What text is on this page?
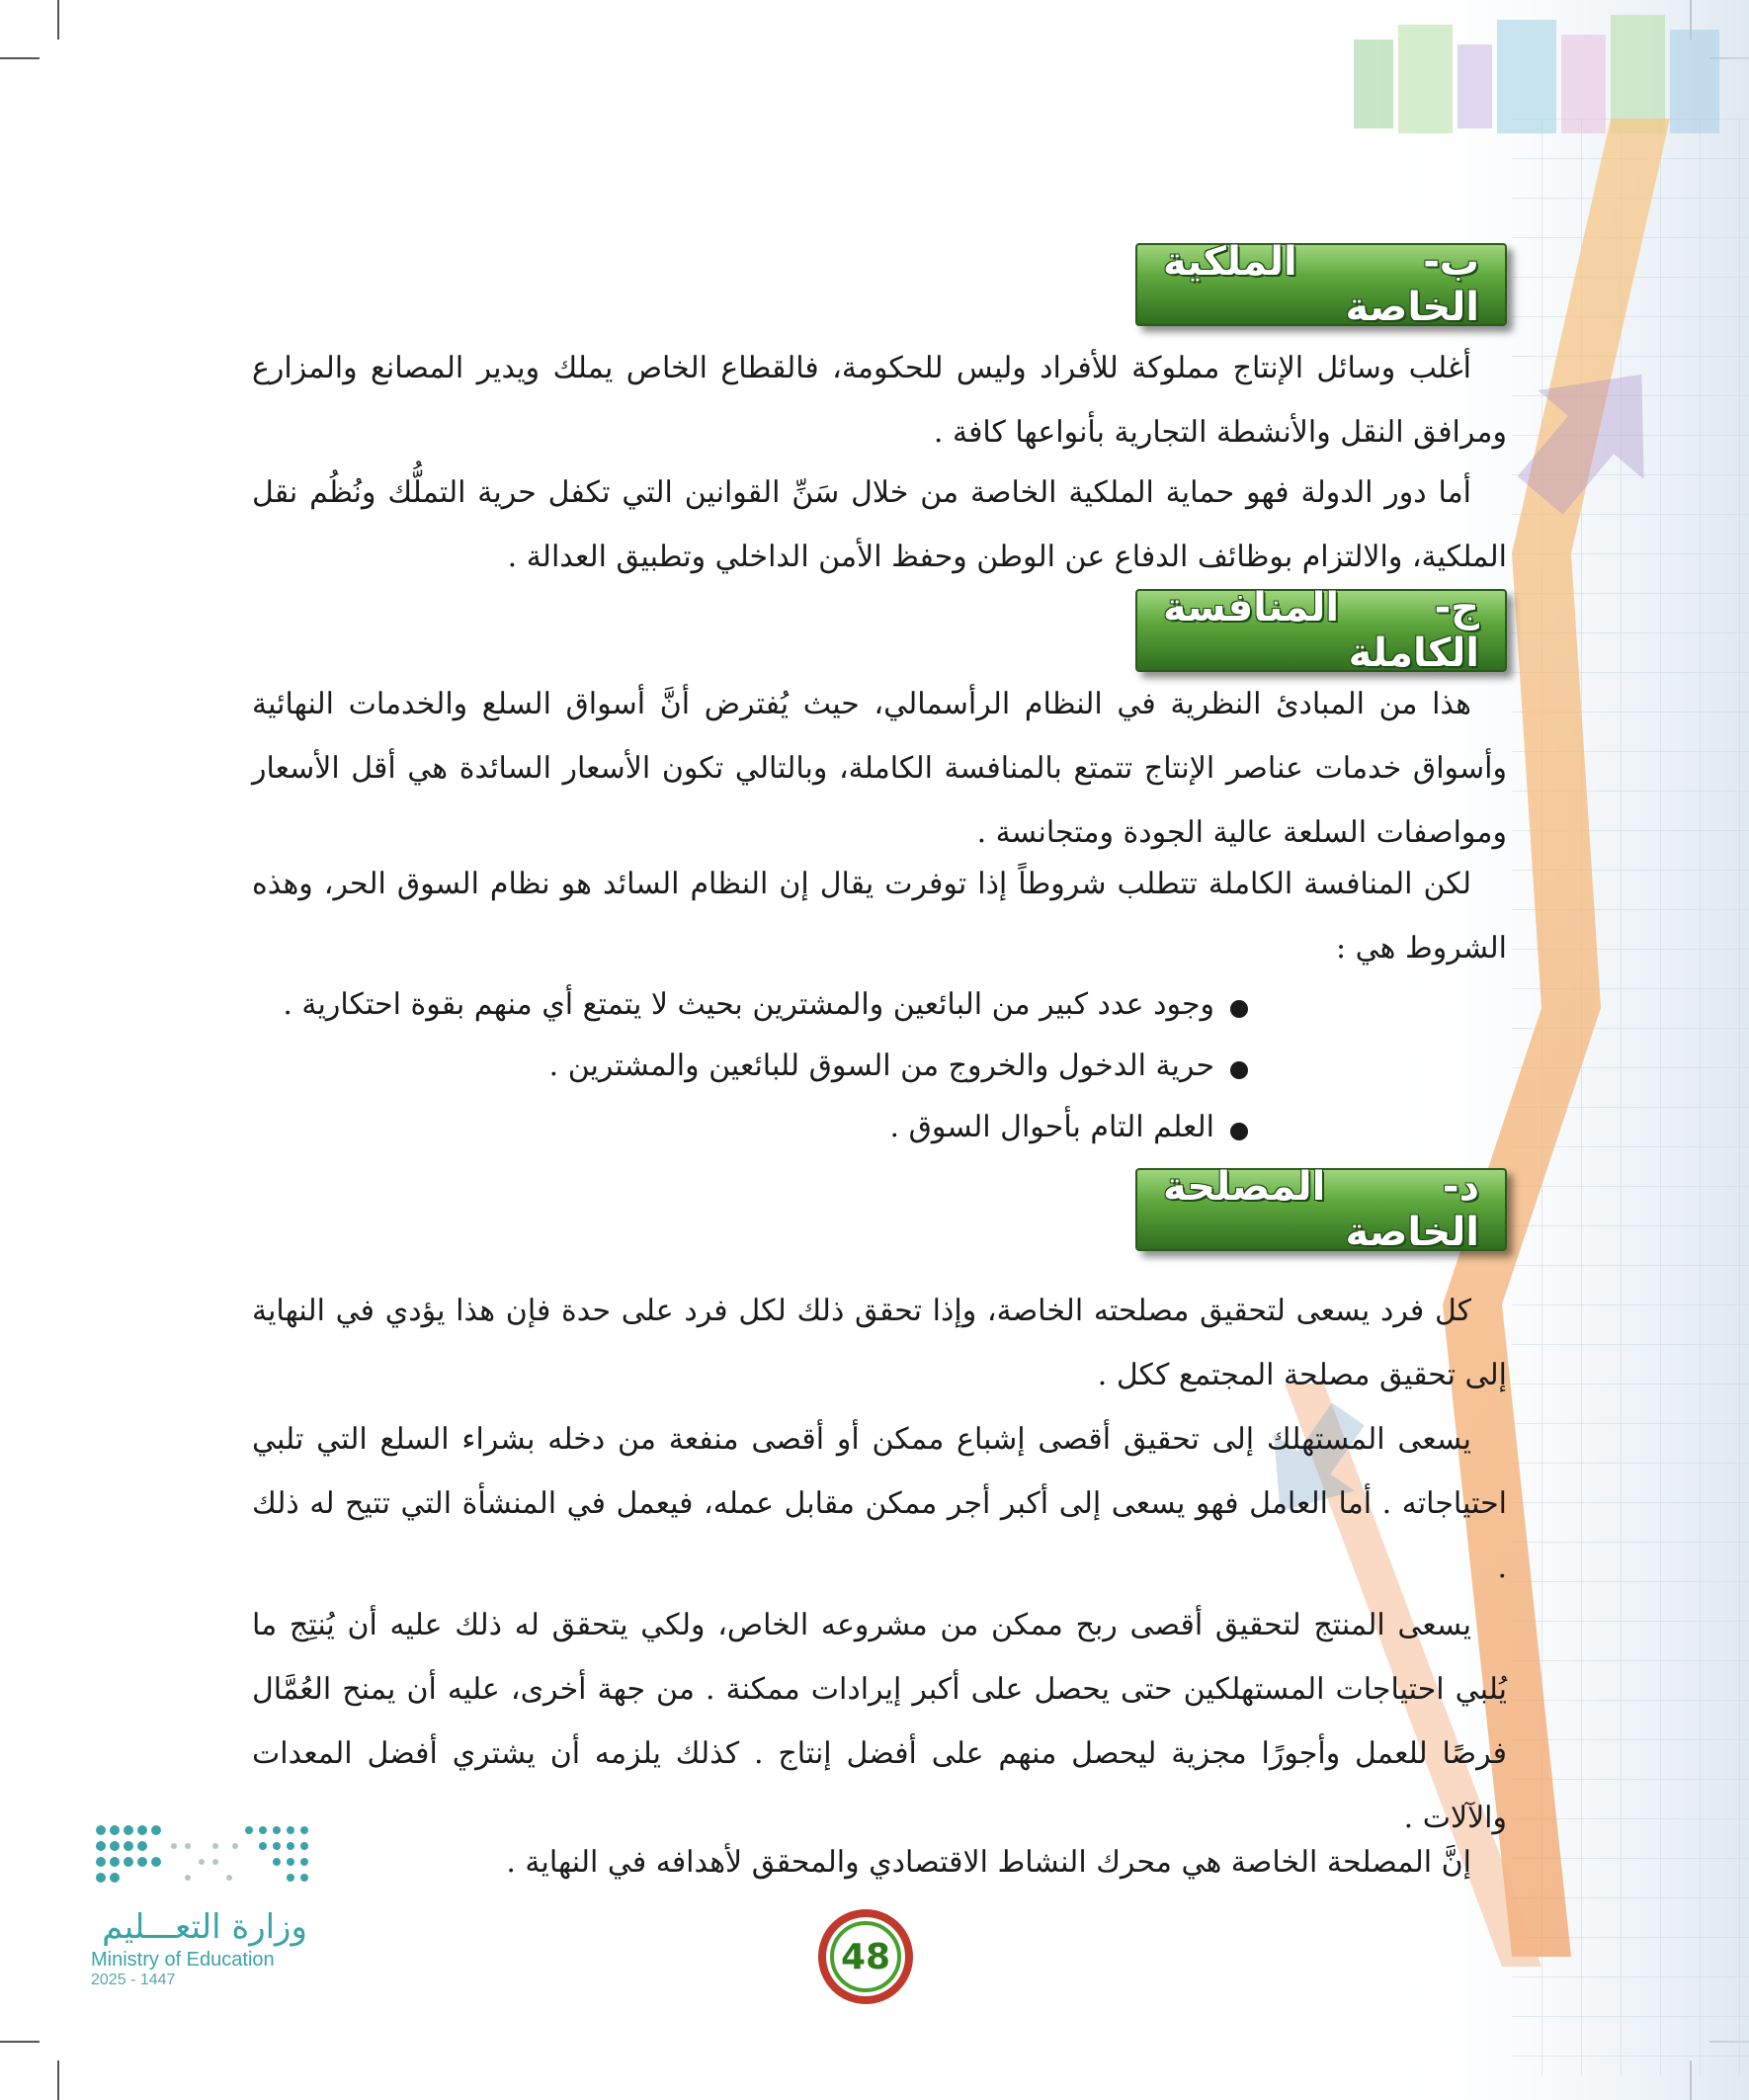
ب- الملكية الخاصة

أغلب وسائل الإنتاج مملوكة للأفراد وليس للحكومة، فالقطاع الخاص يملك ويدير المصانع والمزارع ومرافق النقل والأنشطة التجارية بأنواعها كافة .

أما دور الدولة فهو حماية الملكية الخاصة من خلال سَنِّ القوانين التي تكفل حرية التملُّك ونُظُم نقل الملكية، والالتزام بوظائف الدفاع عن الوطن وحفظ الأمن الداخلي وتطبيق العدالة .

ج- المنافسة الكاملة

هذا من المبادئ النظرية في النظام الرأسمالي، حيث يُفترض أنَّ أسواق السلع والخدمات النهائية وأسواق خدمات عناصر الإنتاج تتمتع بالمنافسة الكاملة، وبالتالي تكون الأسعار السائدة هي أقل الأسعار ومواصفات السلعة عالية الجودة ومتجانسة .

لكن المنافسة الكاملة تتطلب شروطاً إذا توفرت يقال إن النظام السائد هو نظام السوق الحر، وهذه الشروط هي :

وجود عدد كبير من البائعين والمشترين بحيث لا يتمتع أي منهم بقوة احتكارية .
حرية الدخول والخروج من السوق للبائعين والمشترين .
العلم التام بأحوال السوق .
د- المصلحة الخاصة

كل فرد يسعى لتحقيق مصلحته الخاصة، وإذا تحقق ذلك لكل فرد على حدة فإن هذا يؤدي في النهاية إلى تحقيق مصلحة المجتمع ككل .

يسعى المستهلك إلى تحقيق أقصى إشباع ممكن أو أقصى منفعة من دخله بشراء السلع التي تلبي احتياجاته . أما العامل فهو يسعى إلى أكبر أجر ممكن مقابل عمله، فيعمل في المنشأة التي تتيح له ذلك .

يسعى المنتج لتحقيق أقصى ربح ممكن من مشروعه الخاص، ولكي يتحقق له ذلك عليه أن يُنتِج ما يُلبي احتياجات المستهلكين حتى يحصل على أكبر إيرادات ممكنة . من جهة أخرى، عليه أن يمنح العُمَّال فرصًا للعمل وأجورًا مجزية ليحصل منهم على أفضل إنتاج . كذلك يلزمه أن يشتري أفضل المعدات والآلات .

إنَّ المصلحة الخاصة هي محرك النشاط الاقتصادي والمحقق لأهدافه في النهاية .

48
وزارة التعـــليم
Ministry of Education
2025 - 1447
